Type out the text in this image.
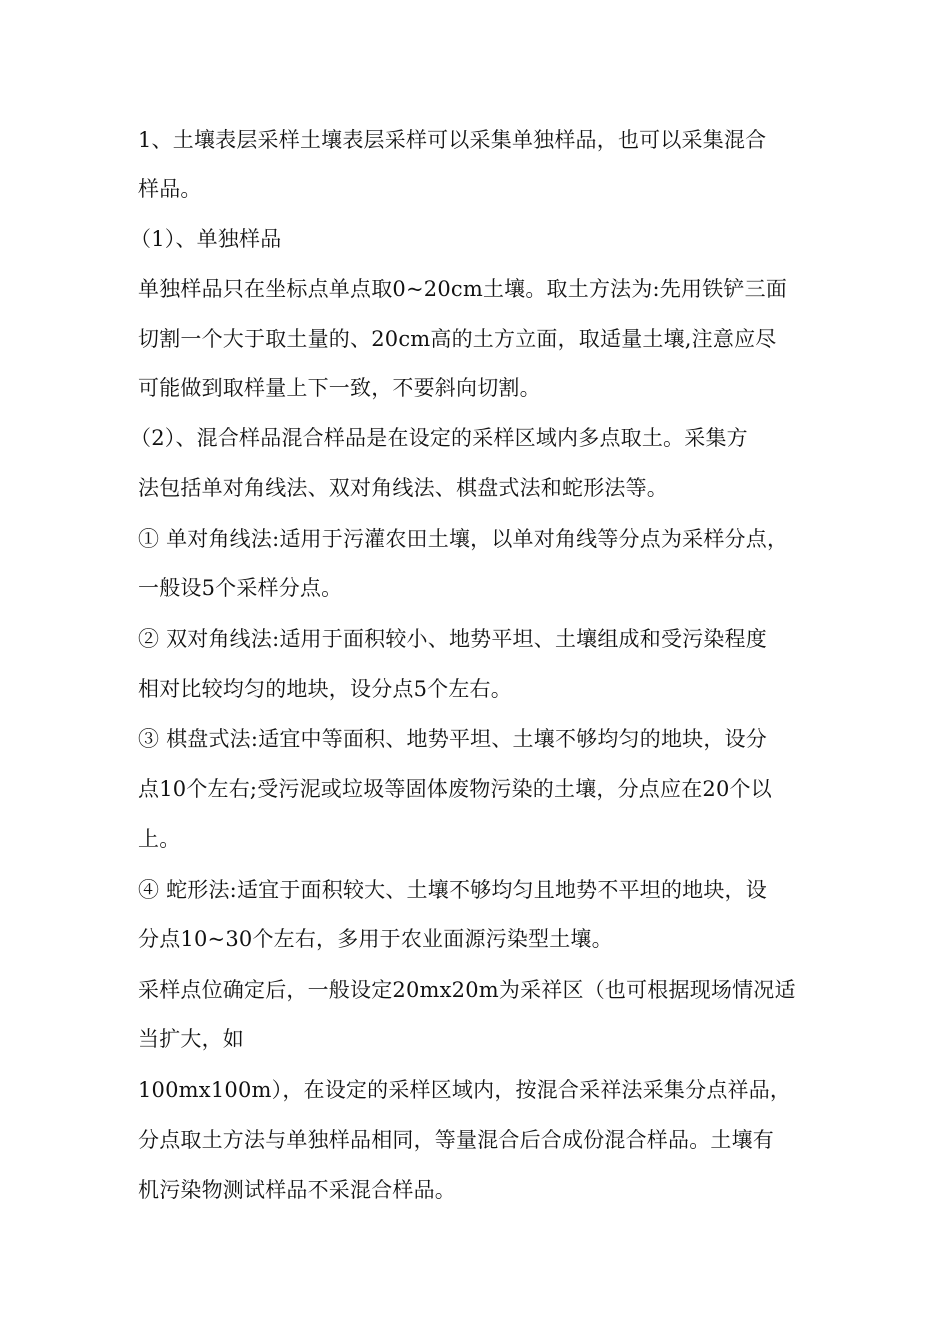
1、土壤表层采样土壤表层采样可以采集单独样品，也可以采集混合
样品。
（1）、单独样品
单独样品只在坐标点单点取0~20cm土壤。取土方法为:先用铁铲三面
切割一个大于取土量的、20cm高的土方立面，取适量土壤,注意应尽
可能做到取样量上下一致，不要斜向切割。
（2）、混合样品混合样品是在设定的采样区域内多点取土。采集方
法包括单对角线法、双对角线法、棋盘式法和蛇形法等。
① 单对角线法:适用于污灌农田土壤，以单对角线等分点为采样分点，
一般设5个采样分点。
② 双对角线法:适用于面积较小、地势平坦、土壤组成和受污染程度
相对比较均匀的地块，设分点5个左右。
③ 棋盘式法:适宜中等面积、地势平坦、土壤不够均匀的地块，设分
点10个左右;受污泥或垃圾等固体废物污染的土壤，分点应在20个以
上。
④ 蛇形法:适宜于面积较大、土壤不够均匀且地势不平坦的地块，设
分点10~30个左右，多用于农业面源污染型土壤。
采样点位确定后，一般设定20mx20m为采祥区（也可根据现场情况适
当扩大，如
100mx100m），在设定的采样区域内，按混合采祥法采集分点祥品，
分点取土方法与单独样品相同，等量混合后合成份混合样品。土壤有
机污染物测试样品不采混合样品。
